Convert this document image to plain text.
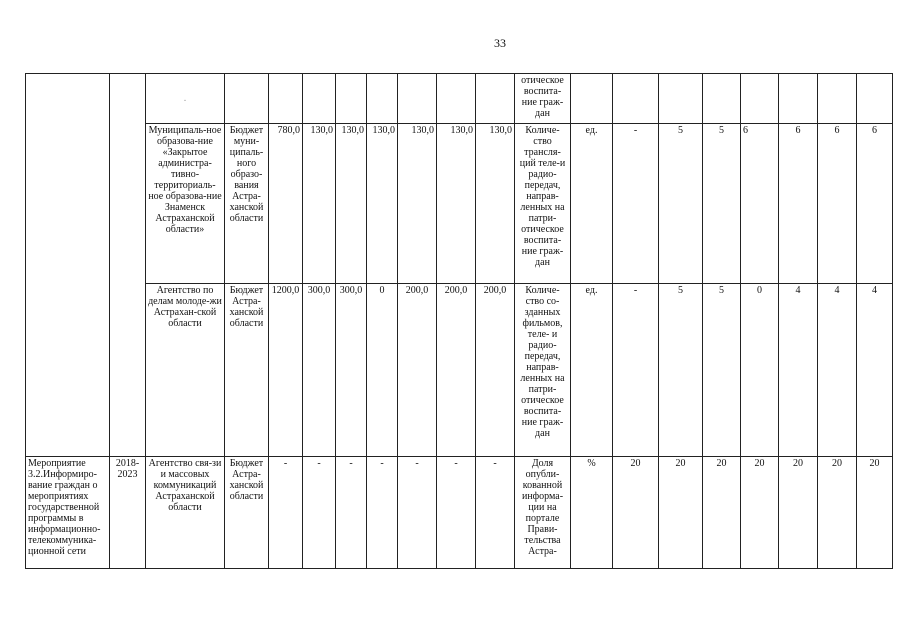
33
		.									отическое воспита-ние граж-дан								
		Муниципаль-ное образова-ние «Закрытое администра-тивно-территориаль-ное образова-ние Знаменск Астраханской области»	Бюджет муни-ципаль-ного образо-вания Астра-ханской области	780,0	130,0	130,0	130,0	130,0	130,0	130,0	Количе-ство трансля-ций теле-и радио-передач, направ-ленных на патри-отическое воспита-ние граж-дан	ед.	-	5	5	6	6	6	6
		Агентство по делам молоде-жи Астрахан-ской области	Бюджет Астра-ханской области	1200,0	300,0	300,0	0	200,0	200,0	200,0	Количе-ство со-зданных фильмов, теле- и радио-передач, направ-ленных на патри-отическое воспита-ние граж-дан	ед.	-	5	5	0	4	4	4
Мероприятие 3.2.Информиро-вание граждан о мероприятиях государственной программы в информационно-телекоммуника-ционной сети	2018-2023	Агентство свя-зи и массовых коммуникаций Астраханской области	Бюджет Астра-ханской области	-	-	-	-	-	-	-	Доля опубли-кованной информа-ции на портале Прави-тельства Астра-	%	20	20	20	20	20	20	20
